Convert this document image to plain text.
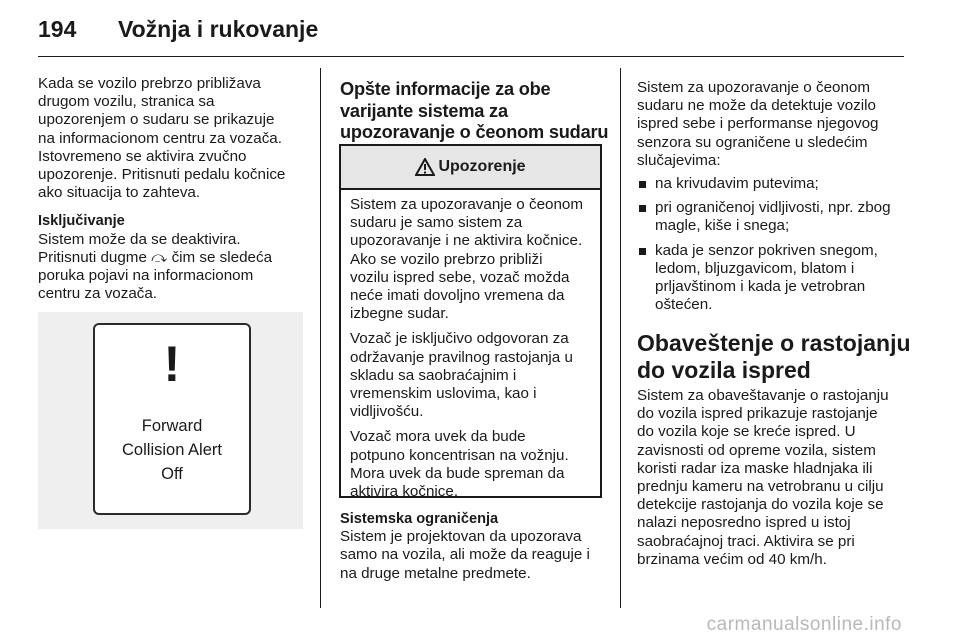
194 Vožnja i rukovanje
Kada se vozilo prebrzo približava
drugom vozilu, stranica sa
upozorenjem o sudaru se prikazuje
na informacionom centru za vozača.
Istovremeno se aktivira zvučno
upozorenje. Pritisnuti pedalu kočnice
ako situacija to zahteva.
Isključivanje
Sistem može da se deaktivira.
Pritisnuti dugme ⤼ čim se sledeća
poruka pojavi na informacionom
centru za vozača.
!
Forward
Collision Alert
Off
Opšte informacije za obe
varijante sistema za
upozoravanje o čeonom sudaru
Upozorenje

Sistem za upozoravanje o čeonom
sudaru je samo sistem za
upozoravanje i ne aktivira kočnice.
Ako se vozilo prebrzo približi
vozilu ispred sebe, vozač možda
neće imati dovoljno vremena da
izbegne sudar.

Vozač je isključivo odgovoran za
održavanje pravilnog rastojanja u
skladu sa saobraćajnim i
vremenskim uslovima, kao i
vidljivošću.

Vozač mora uvek da bude
potpuno koncentrisan na vožnju.
Mora uvek da bude spreman da
aktivira kočnice.

Sistemska ograničenja
Sistem je projektovan da upozorava
samo na vozila, ali može da reaguje i
na druge metalne predmete.
Sistem za upozoravanje o čeonom
sudaru ne može da detektuje vozilo
ispred sebe i performanse njegovog
senzora su ograničene u sledećim
slučajevima:
na krivudavim putevima;
pri ograničenoj vidljivosti, npr. zbog
magle, kiše i snega;
kada je senzor pokriven snegom,
ledom, bljuzgavicom, blatom i
prljavštinom i kada je vetrobran
oštećen.
Obaveštenje o rastojanju
do vozila ispred
Sistem za obaveštavanje o rastojanju
do vozila ispred prikazuje rastojanje
do vozila koje se kreće ispred. U
zavisnosti od opreme vozila, sistem
koristi radar iza maske hladnjaka ili
prednju kameru na vetrobranu u cilju
detekcije rastojanja do vozila koje se
nalazi neposredno ispred u istoj
saobraćajnoj traci. Aktivira se pri
brzinama većim od 40 km/h.
carmanualsonline.info
